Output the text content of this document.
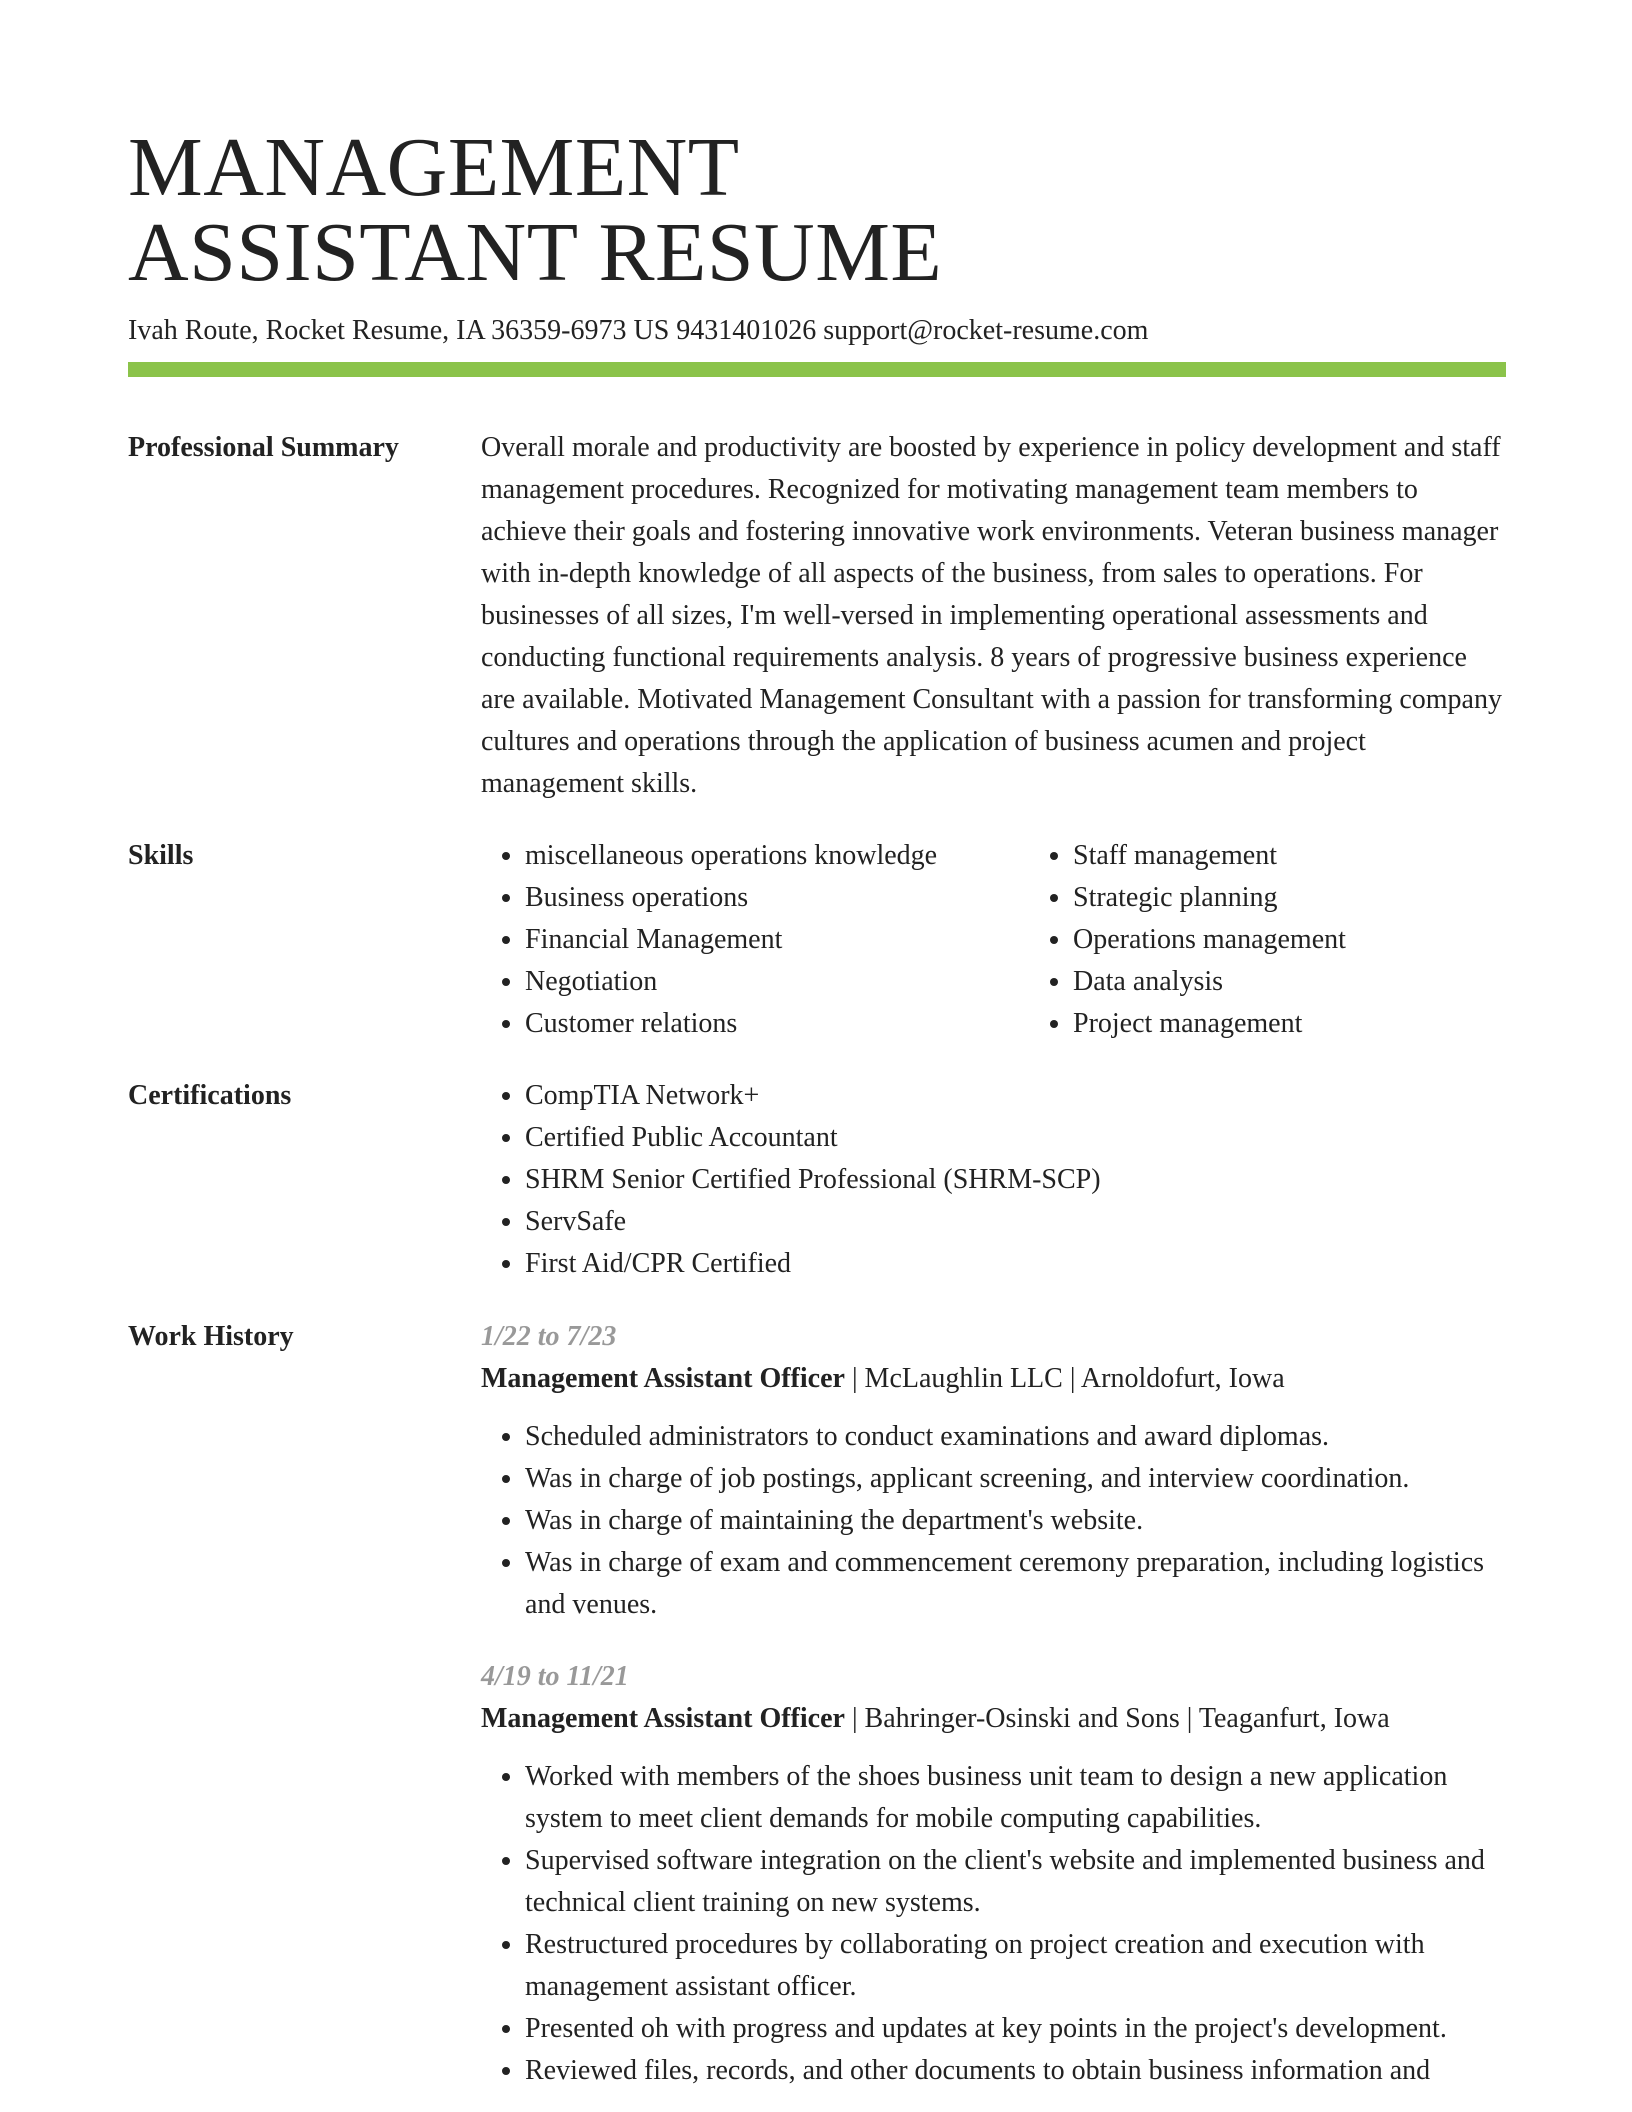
MANAGEMENT
ASSISTANT RESUME
Ivah Route, Rocket Resume, IA 36359-6973 US 9431401026 support@rocket-resume.com
Professional Summary	Overall morale and productivity are boosted by experience in policy development and staff management procedures. Recognized for motivating management team members to achieve their goals and fostering innovative work environments. Veteran business manager with in-depth knowledge of all aspects of the business, from sales to operations. For businesses of all sizes, I'm well-versed in implementing operational assessments and conducting functional requirements analysis. 8 years of progressive business experience are available. Motivated Management Consultant with a passion for transforming company cultures and operations through the application of business acumen and project management skills.

Skills	• miscellaneous operations knowledge
• Business operations
• Financial Management
• Negotiation
• Customer relations
• Staff management
• Strategic planning
• Operations management
• Data analysis
• Project management
Certifications	• CompTIA Network+
• Certified Public Accountant
• SHRM Senior Certified Professional (SHRM-SCP)
• ServSafe
• First Aid/CPR Certified
Work History	1/22 to 7/23
Management Assistant Officer | McLaughlin LLC | Arnoldofurt, Iowa
• Scheduled administrators to conduct examinations and award diplomas.
• Was in charge of job postings, applicant screening, and interview coordination.
• Was in charge of maintaining the department's website.
• Was in charge of exam and commencement ceremony preparation, including logistics and venues.
4/19 to 11/21
Management Assistant Officer | Bahringer-Osinski and Sons | Teaganfurt, Iowa
• Worked with members of the shoes business unit team to design a new application system to meet client demands for mobile computing capabilities.
• Supervised software integration on the client's website and implemented business and technical client training on new systems.
• Restructured procedures by collaborating on project creation and execution with management assistant officer.
• Presented oh with progress and updates at key points in the project's development.
• Reviewed files, records, and other documents to obtain business information and
